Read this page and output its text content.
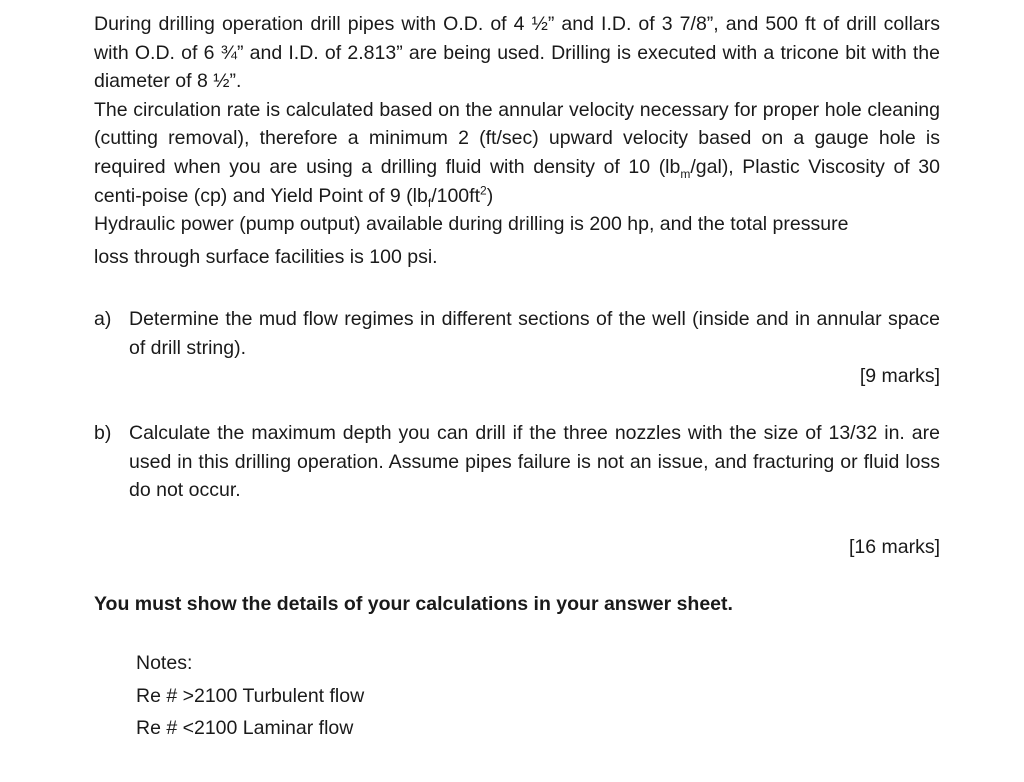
During drilling operation drill pipes with O.D. of 4 ½” and I.D. of 3 7/8”, and 500 ft of drill collars with O.D. of 6 ¾” and I.D. of 2.813” are being used. Drilling is executed with a tricone bit with the diameter of 8 ½”.

The circulation rate is calculated based on the annular velocity necessary for proper hole cleaning (cutting removal), therefore a minimum 2 (ft/sec) upward velocity based on a gauge hole is required when you are using a drilling fluid with density of 10 $(lb_m/gal)$, Plastic Viscosity of 30 centi-poise (cp) and Yield Point of 9 $(lb_f/100ft^2)$

Hydraulic power (pump output) available during drilling is 200 hp, and the total pressure

loss through surface facilities is 100 psi.

a) Determine the mud flow regimes in different sections of the well (inside and in annular space of drill string).
[9 marks]
b) Calculate the maximum depth you can drill if the three nozzles with the size of 13/32 in. are used in this drilling operation. Assume pipes failure is not an issue, and fracturing or fluid loss do not occur.
[16 marks]
You must show the details of your calculations in your answer sheet.
Notes:
Re # >2100 Turbulent flow
Re # <2100 Laminar flow
